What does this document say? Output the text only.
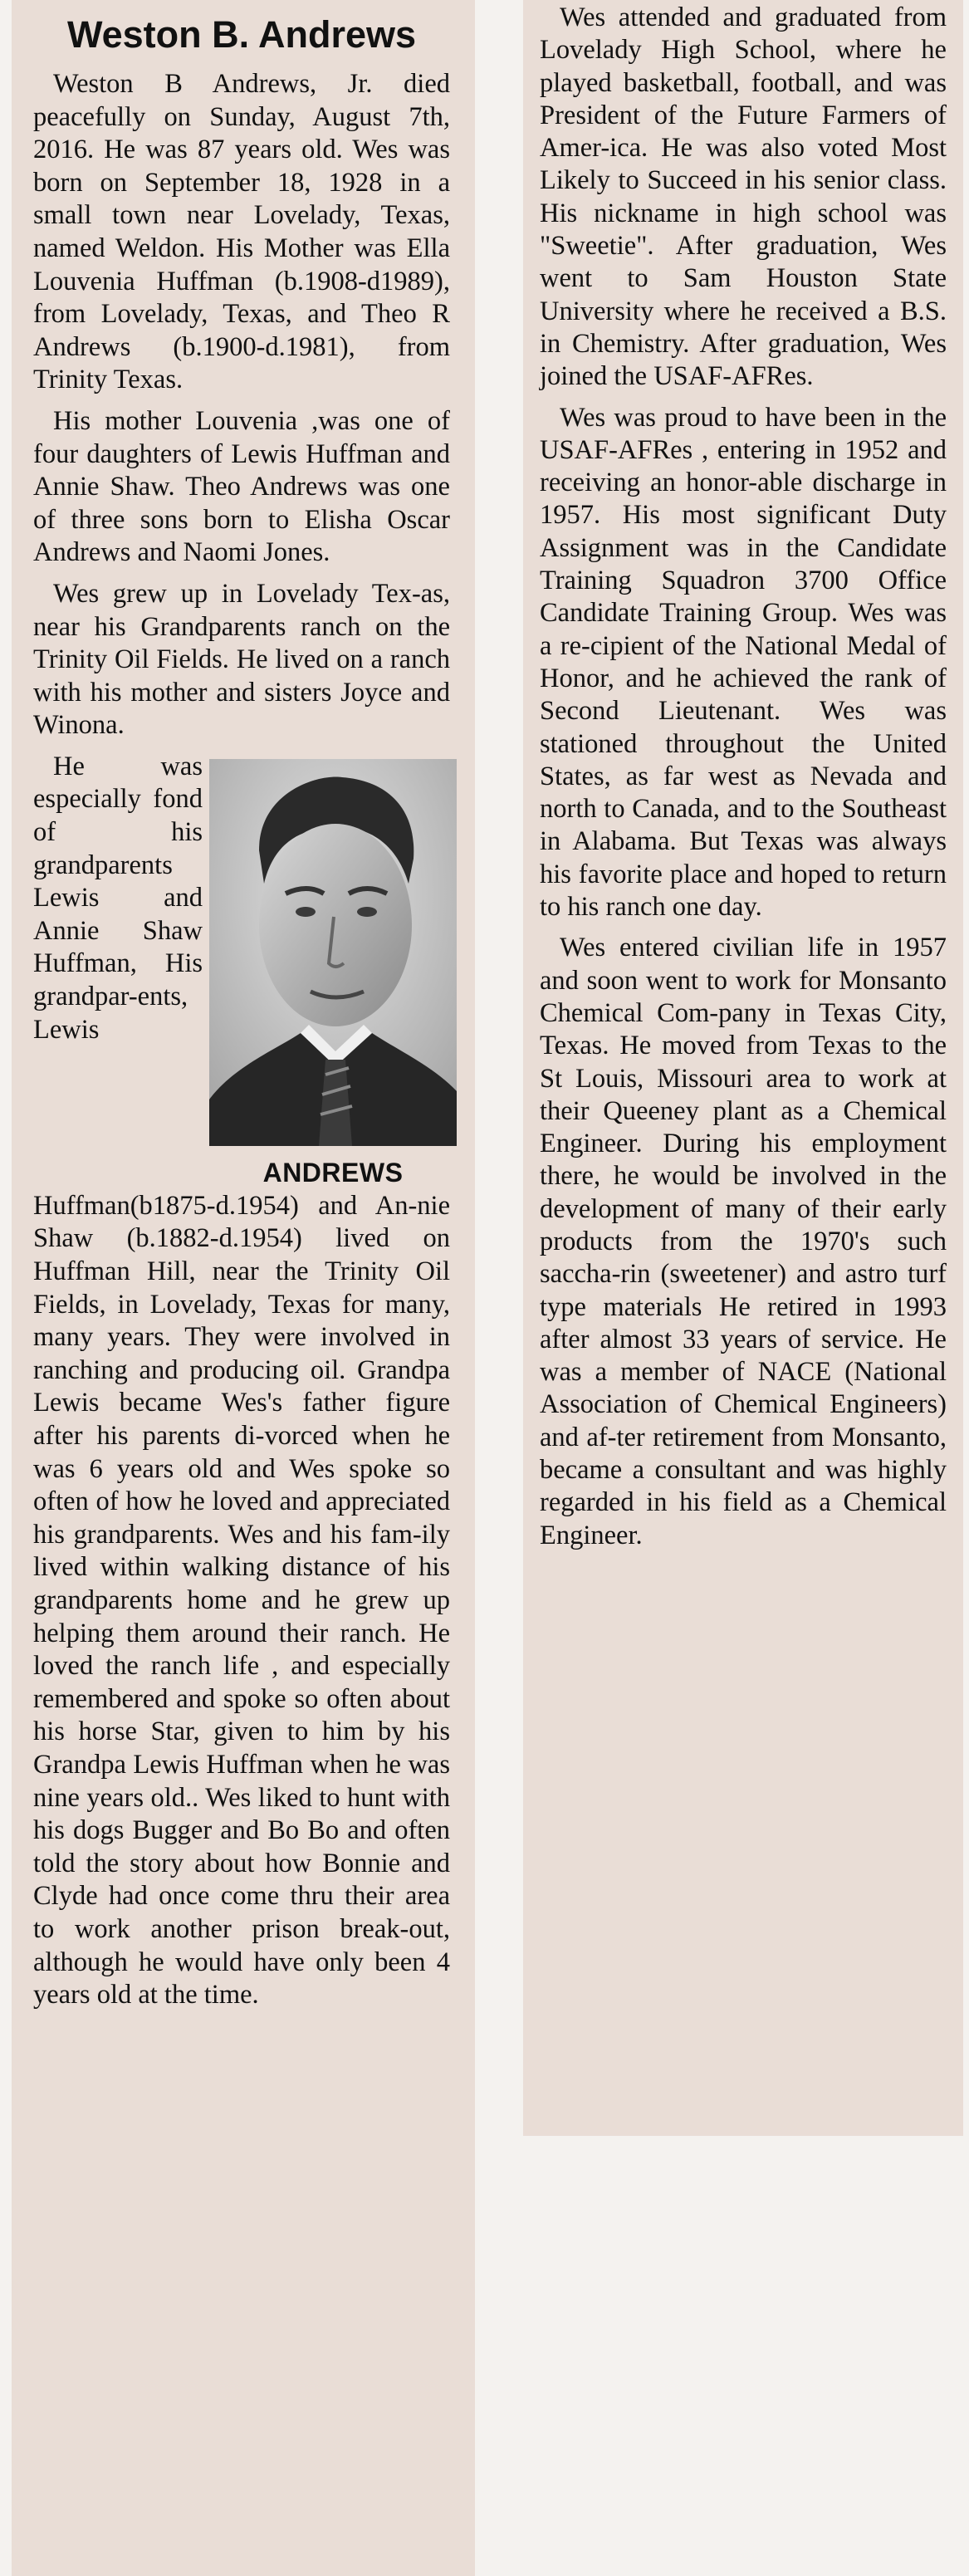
Weston B. Andrews

Weston B Andrews, Jr. died peacefully on Sunday, August 7th, 2016. He was 87 years old. Wes was born on September 18, 1928 in a small town near Lovelady, Texas, named Weldon. His Mother was Ella Louvenia Huffman (b.1908-d1989), from Lovelady, Texas, and Theo R Andrews (b.1900-d.1981), from Trinity Texas.

His mother Louvenia ,was one of four daughters of Lewis Huffman and Annie Shaw. Theo Andrews was one of three sons born to Elisha Oscar Andrews and Naomi Jones.

Wes grew up in Lovelady Tex-as, near his Grandparents ranch on the Trinity Oil Fields. He lived on a ranch with his mother and sisters Joyce and Winona.

ANDREWS

He was especially fond of his grandparents Lewis and Annie Shaw Huffman, His grandpar-ents, Lewis Huffman(b1875-d.1954) and An-nie Shaw (b.1882-d.1954) lived on Huffman Hill, near the Trinity Oil Fields, in Lovelady, Texas for many, many years. They were involved in ranching and producing oil. Grandpa Lewis became Wes's father figure after his parents di-vorced when he was 6 years old and Wes spoke so often of how he loved and appreciated his grandparents. Wes and his fam-ily lived within walking distance of his grandparents home and he grew up helping them around their ranch. He loved the ranch life , and especially remembered and spoke so often about his horse Star, given to him by his Grandpa Lewis Huffman when he was nine years old.. Wes liked to hunt with his dogs Bugger and Bo Bo and often told the story about how Bonnie and Clyde had once come thru their area to work another prison break-out, although he would have only been 4 years old at the time.

Wes attended and graduated from Lovelady High School, where he played basketball, football, and was President of the Future Farmers of Amer-ica. He was also voted Most Likely to Succeed in his senior class. His nickname in high school was "Sweetie". After graduation, Wes went to Sam Houston State University where he received a B.S. in Chemistry. After graduation, Wes joined the USAF-AFRes.

Wes was proud to have been in the USAF-AFRes , entering in 1952 and receiving an honor-able discharge in 1957. His most significant Duty Assignment was in the Candidate Training Squadron 3700 Office Candidate Training Group. Wes was a re-cipient of the National Medal of Honor, and he achieved the rank of Second Lieutenant. Wes was stationed throughout the United States, as far west as Nevada and north to Canada, and to the Southeast in Alabama. But Texas was always his favorite place and hoped to return to his ranch one day.

Wes entered civilian life in 1957 and soon went to work for Monsanto Chemical Com-pany in Texas City, Texas. He moved from Texas to the St Louis, Missouri area to work at their Queeney plant as a Chemical Engineer. During his employment there, he would be involved in the development of many of their early products from the 1970's such saccha-rin (sweetener) and astro turf type materials He retired in 1993 after almost 33 years of service. He was a member of NACE (National Association of Chemical Engineers) and af-ter retirement from Monsanto, became a consultant and was highly regarded in his field as a Chemical Engineer.
